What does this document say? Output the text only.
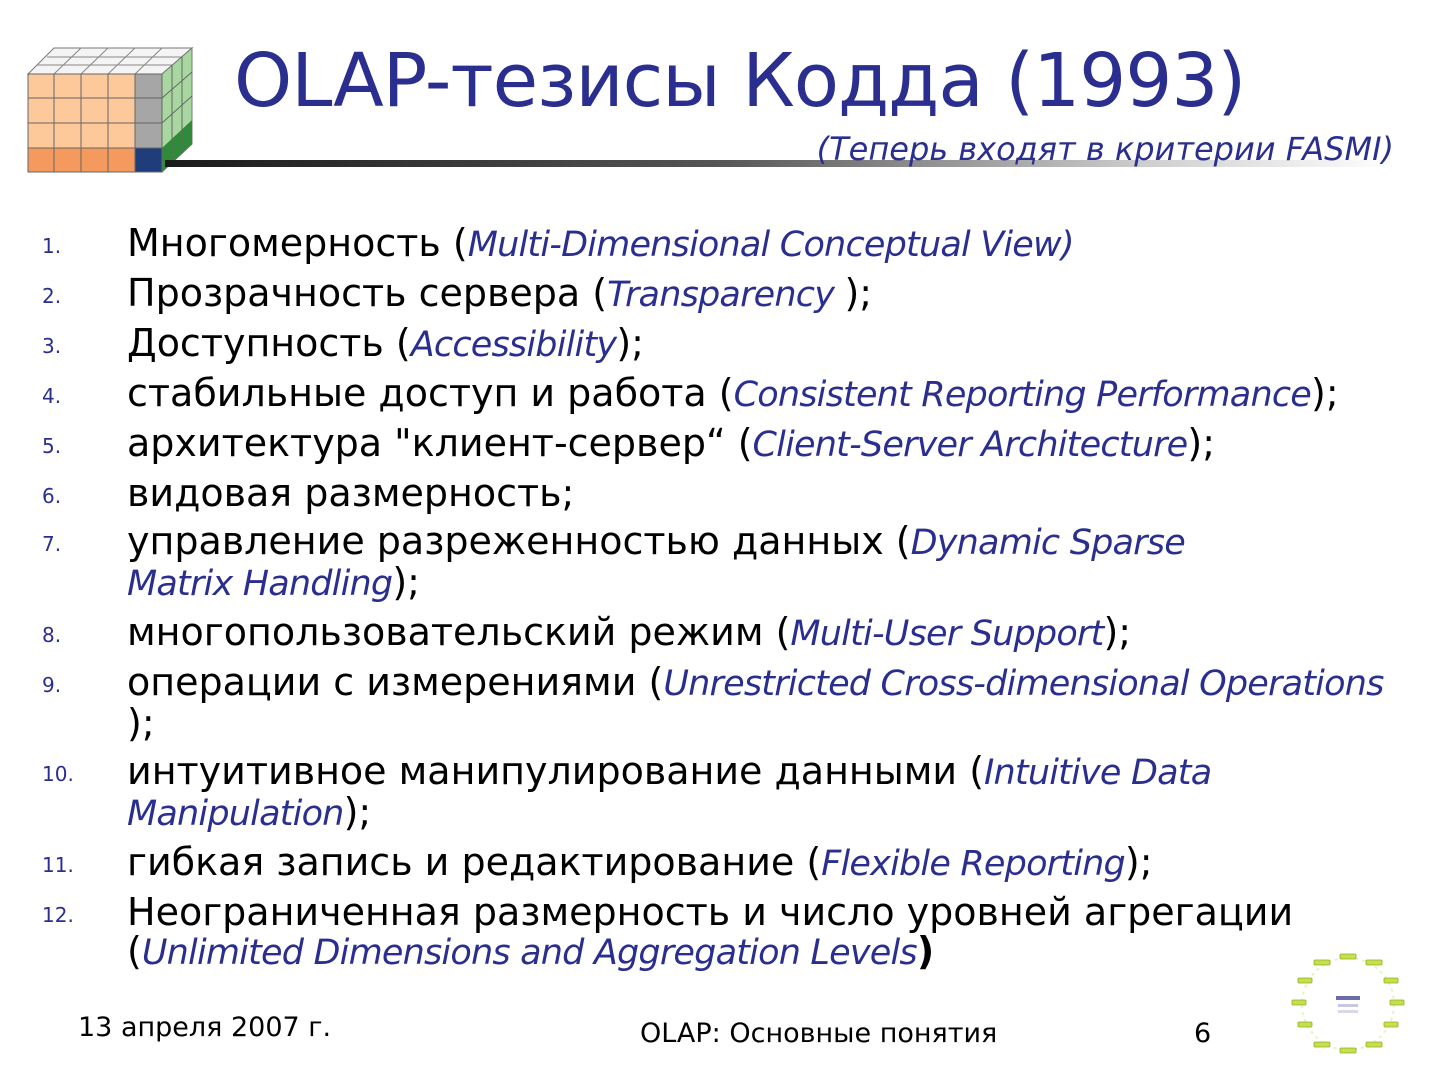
OLAP-тезисы Кодда (1993)
(Теперь входят в критерии FASMI)
1. Многомерность (Multi-Dimensional Conceptual View)
2. Прозрачность сервера (Transparency );
3. Доступность (Accessibility);
4. стабильные доступ и работа (Consistent Reporting Performance);
5. архитектура "клиент-сервер“ (Client-Server Architecture);
6. видовая размерность;
7. управление разреженностью данных (Dynamic Sparse Matrix Handling);
8. многопользовательский режим (Multi-User Support);
9. операции с измерениями (Unrestricted Cross-dimensional Operations );
10. интуитивное манипулирование данными (Intuitive Data Manipulation);
11. гибкая запись и редактирование (Flexible Reporting);
12. Неограниченная размерность и число уровней агрегации (Unlimited Dimensions and Aggregation Levels)
13 апреля 2007 г.	OLAP: Основные понятия	6
